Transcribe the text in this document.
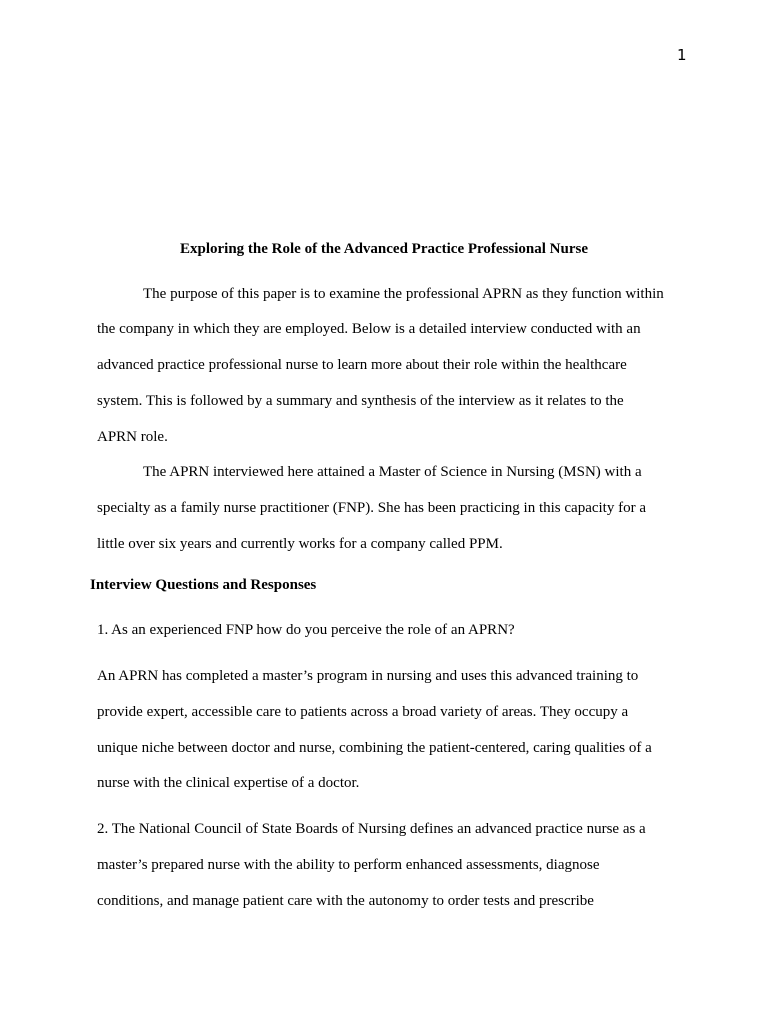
1
Exploring the Role of the Advanced Practice Professional Nurse
The purpose of this paper is to examine the professional APRN as they function within
the company in which they are employed. Below is a detailed interview conducted with an
advanced practice professional nurse to learn more about their role within the healthcare
system. This is followed by a summary and synthesis of the interview as it relates to the
APRN role.
The APRN interviewed here attained a Master of Science in Nursing (MSN) with a
specialty as a family nurse practitioner (FNP). She has been practicing in this capacity for a
little over six years and currently works for a company called PPM.
Interview Questions and Responses
1. As an experienced FNP how do you perceive the role of an APRN?
An APRN has completed a master’s program in nursing and uses this advanced training to
provide expert, accessible care to patients across a broad variety of areas. They occupy a
unique niche between doctor and nurse, combining the patient-centered, caring qualities of a
nurse with the clinical expertise of a doctor.
2. The National Council of State Boards of Nursing defines an advanced practice nurse as a
master’s prepared nurse with the ability to perform enhanced assessments, diagnose
conditions, and manage patient care with the autonomy to order tests and prescribe
